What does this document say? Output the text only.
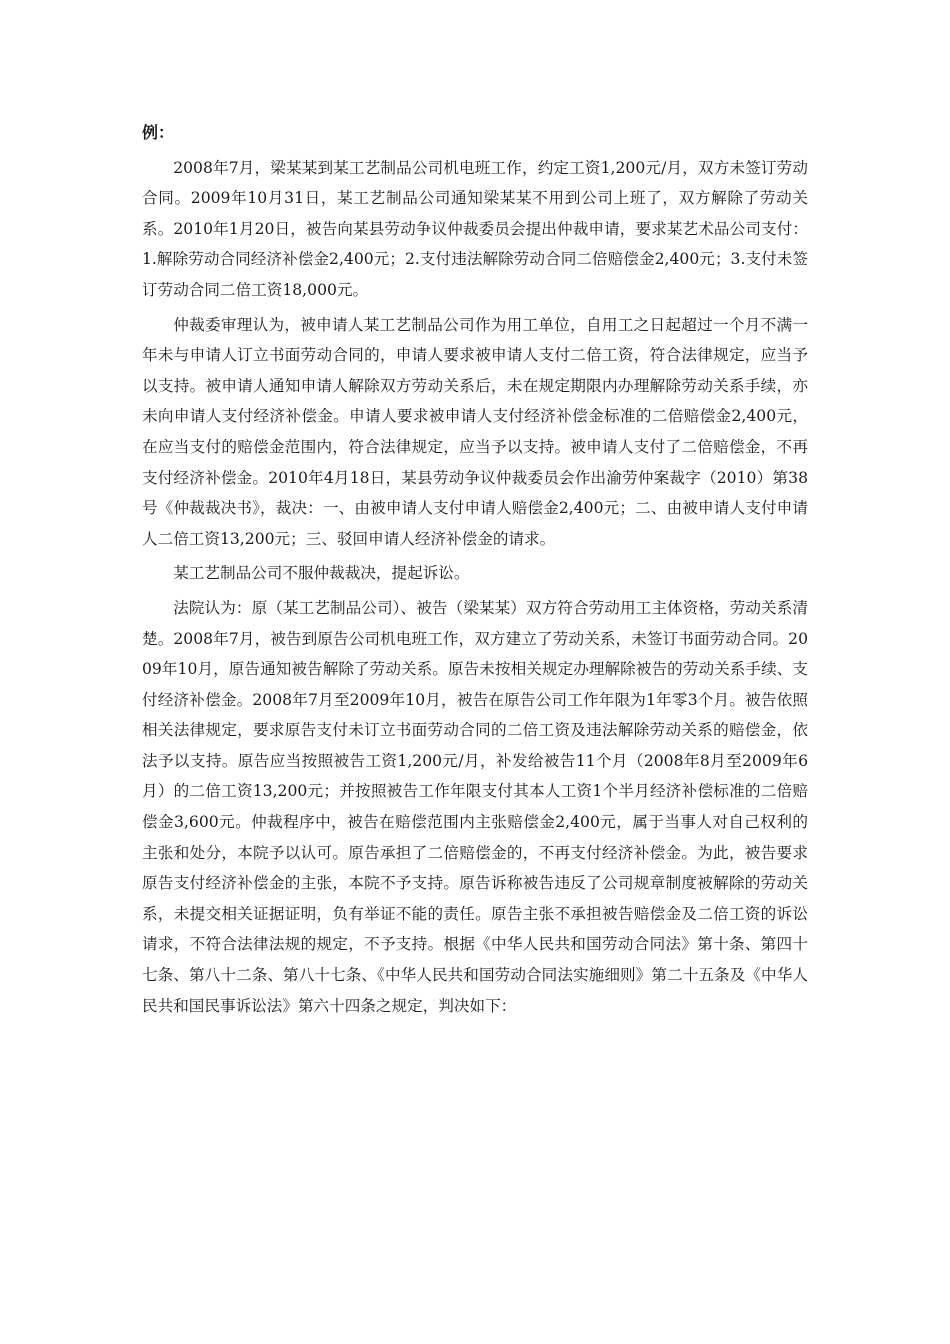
例：

2008年7月，梁某某到某工艺制品公司机电班工作，约定工资1,200元/月，双方未签订劳动合同。2009年10月31日，某工艺制品公司通知梁某某不用到公司上班了，双方解除了劳动关系。2010年1月20日，被告向某县劳动争议仲裁委员会提出仲裁申请，要求某艺术品公司支付：1.解除劳动合同经济补偿金2,400元；2.支付违法解除劳动合同二倍赔偿金2,400元；3.支付未签订劳动合同二倍工资18,000元。

仲裁委审理认为，被申请人某工艺制品公司作为用工单位，自用工之日起超过一个月不满一年未与申请人订立书面劳动合同的，申请人要求被申请人支付二倍工资，符合法律规定，应当予以支持。被申请人通知申请人解除双方劳动关系后，未在规定期限内办理解除劳动关系手续，亦未向申请人支付经济补偿金。申请人要求被申请人支付经济补偿金标准的二倍赔偿金2,400元，在应当支付的赔偿金范围内，符合法律规定，应当予以支持。被申请人支付了二倍赔偿金，不再支付经济补偿金。2010年4月18日，某县劳动争议仲裁委员会作出渝劳仲案裁字（2010）第38号《仲裁裁决书》，裁决：一、由被申请人支付申请人赔偿金2,400元；二、由被申请人支付申请人二倍工资13,200元；三、驳回申请人经济补偿金的请求。

某工艺制品公司不服仲裁裁决，提起诉讼。

法院认为：原（某工艺制品公司）、被告（梁某某）双方符合劳动用工主体资格，劳动关系清楚。2008年7月，被告到原告公司机电班工作，双方建立了劳动关系，未签订书面劳动合同。2009年10月，原告通知被告解除了劳动关系。原告未按相关规定办理解除被告的劳动关系手续、支付经济补偿金。2008年7月至2009年10月，被告在原告公司工作年限为1年零3个月。被告依照相关法律规定，要求原告支付未订立书面劳动合同的二倍工资及违法解除劳动关系的赔偿金，依法予以支持。原告应当按照被告工资1,200元/月，补发给被告11个月（2008年8月至2009年6月）的二倍工资13,200元；并按照被告工作年限支付其本人工资1个半月经济补偿标准的二倍赔偿金3,600元。仲裁程序中，被告在赔偿范围内主张赔偿金2,400元，属于当事人对自己权利的主张和处分，本院予以认可。原告承担了二倍赔偿金的，不再支付经济补偿金。为此，被告要求原告支付经济补偿金的主张，本院不予支持。原告诉称被告违反了公司规章制度被解除的劳动关系，未提交相关证据证明，负有举证不能的责任。原告主张不承担被告赔偿金及二倍工资的诉讼请求，不符合法律法规的规定，不予支持。根据《中华人民共和国劳动合同法》第十条、第四十七条、第八十二条、第八十七条、《中华人民共和国劳动合同法实施细则》第二十五条及《中华人民共和国民事诉讼法》第六十四条之规定，判决如下：
